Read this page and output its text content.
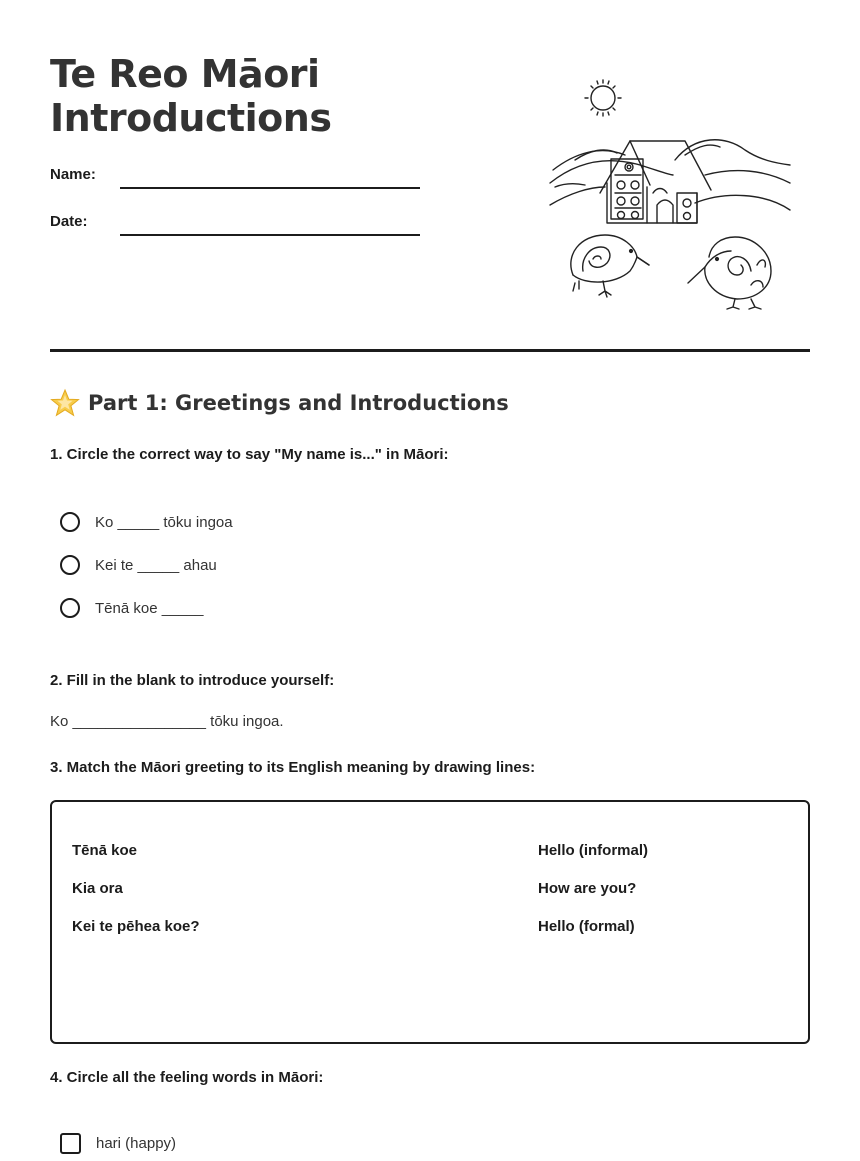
Te Reo Māori
Introductions
Name:
Date:
Part 1: Greetings and Introductions
1. Circle the correct way to say "My name is..." in Māori:
Ko _____ tōku ingoa
Kei te _____ ahau
Tēnā koe _____
2. Fill in the blank to introduce yourself:
Ko ________________ tōku ingoa.
3. Match the Māori greeting to its English meaning by drawing lines:
Tēnā koe
Kia ora
Kei te pēhea koe?
Hello (informal)
How are you?
Hello (formal)
4. Circle all the feeling words in Māori:
hari (happy)
